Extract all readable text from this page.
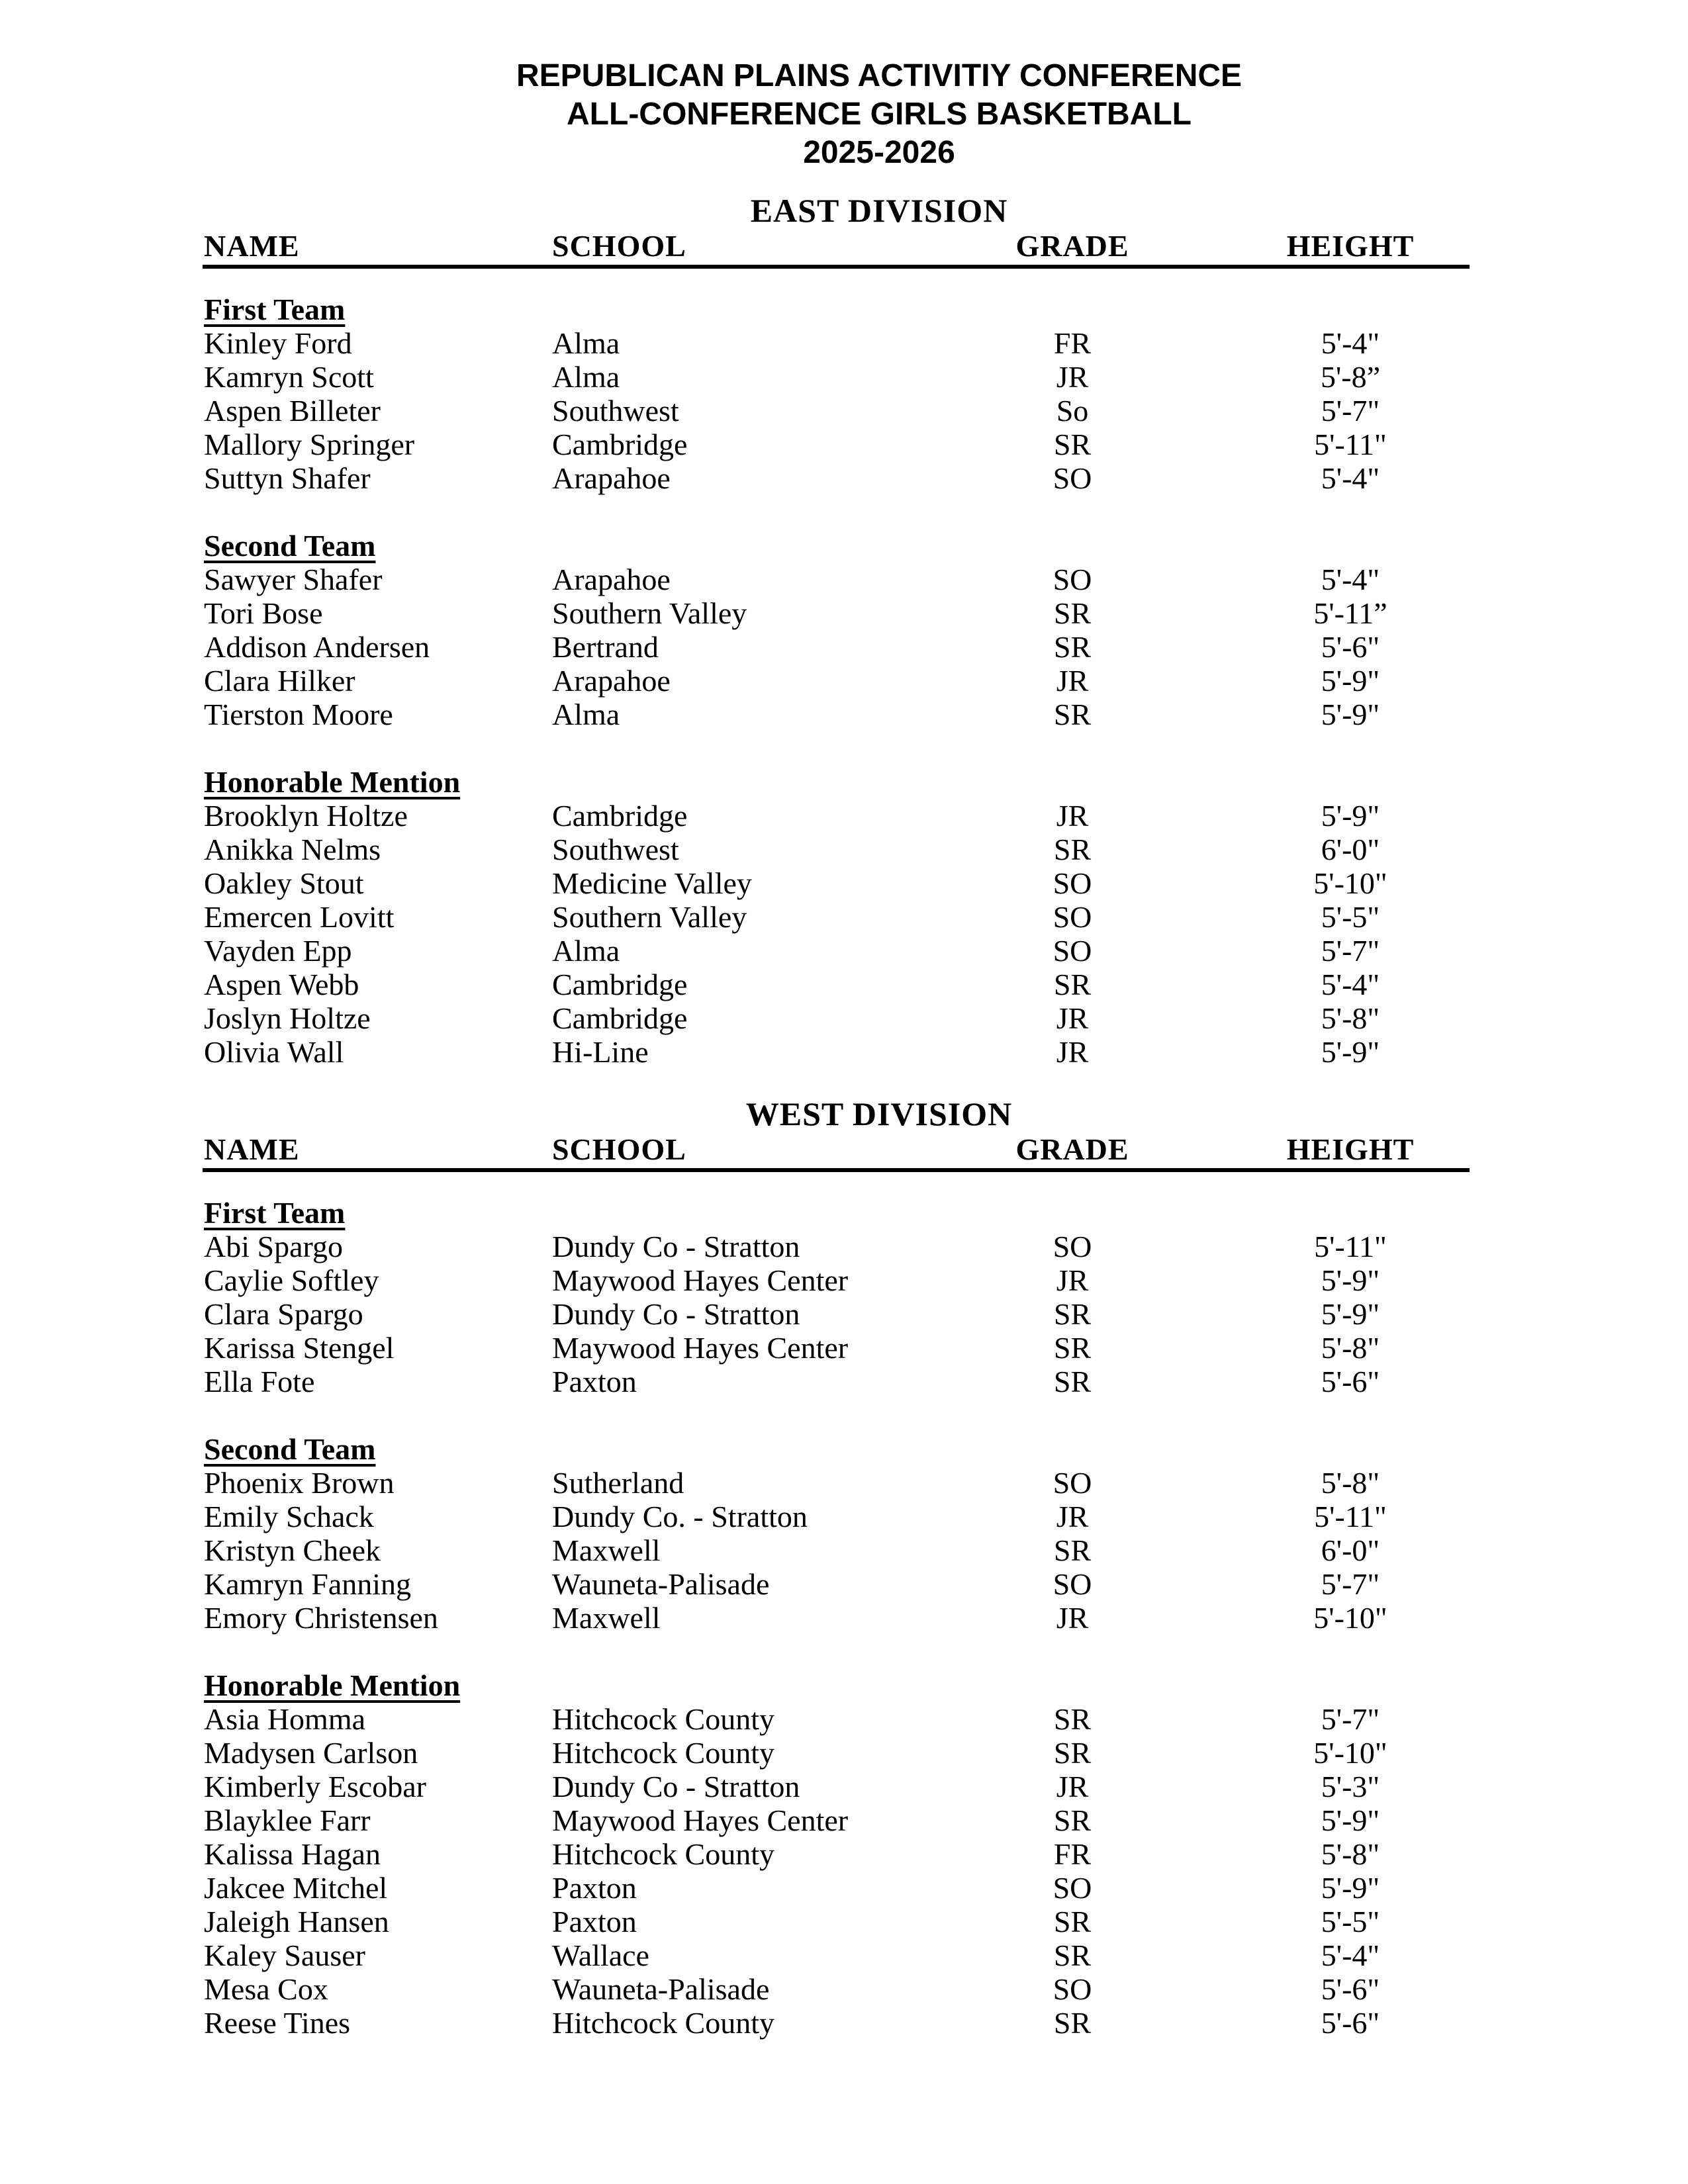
REPUBLICAN PLAINS ACTIVITIY CONFERENCE
ALL-CONFERENCE GIRLS BASKETBALL
2025-2026
EAST DIVISION
NAME	SCHOOL	GRADE	HEIGHT
First Team
Kinley Ford	Alma	FR	5'-4"
Kamryn Scott	Alma	JR	5'-8”
Aspen Billeter	Southwest	So	5'-7"
Mallory Springer	Cambridge	SR	5'-11"
Suttyn Shafer	Arapahoe	SO	5'-4"
Second Team
Sawyer Shafer	Arapahoe	SO	5'-4"
Tori Bose	Southern Valley	SR	5'-11”
Addison Andersen	Bertrand	SR	5'-6"
Clara Hilker	Arapahoe	JR	5'-9"
Tierston Moore	Alma	SR	5'-9"
Honorable Mention
Brooklyn Holtze	Cambridge	JR	5'-9"
Anikka Nelms	Southwest	SR	6'-0"
Oakley Stout	Medicine Valley	SO	5'-10"
Emercen Lovitt	Southern Valley	SO	5'-5"
Vayden Epp	Alma	SO	5'-7"
Aspen Webb	Cambridge	SR	5'-4"
Joslyn Holtze	Cambridge	JR	5'-8"
Olivia Wall	Hi-Line	JR	5'-9"
WEST DIVISION
NAME	SCHOOL	GRADE	HEIGHT
First Team
Abi Spargo	Dundy Co - Stratton	SO	5'-11"
Caylie Softley	Maywood Hayes Center	JR	5'-9"
Clara Spargo	Dundy Co - Stratton	SR	5'-9"
Karissa Stengel	Maywood Hayes Center	SR	5'-8"
Ella Fote	Paxton	SR	5'-6"
Second Team
Phoenix Brown	Sutherland	SO	5'-8"
Emily Schack	Dundy Co. - Stratton	JR	5'-11"
Kristyn Cheek	Maxwell	SR	6'-0"
Kamryn Fanning	Wauneta-Palisade	SO	5'-7"
Emory Christensen	Maxwell	JR	5'-10"
Honorable Mention
Asia Homma	Hitchcock County	SR	5'-7"
Madysen Carlson	Hitchcock County	SR	5'-10"
Kimberly Escobar	Dundy Co - Stratton	JR	5'-3"
Blayklee Farr	Maywood Hayes Center	SR	5'-9"
Kalissa Hagan	Hitchcock County	FR	5'-8"
Jakcee Mitchel	Paxton	SO	5'-9"
Jaleigh Hansen	Paxton	SR	5'-5"
Kaley Sauser	Wallace	SR	5'-4"
Mesa Cox	Wauneta-Palisade	SO	5'-6"
Reese Tines	Hitchcock County	SR	5'-6"
